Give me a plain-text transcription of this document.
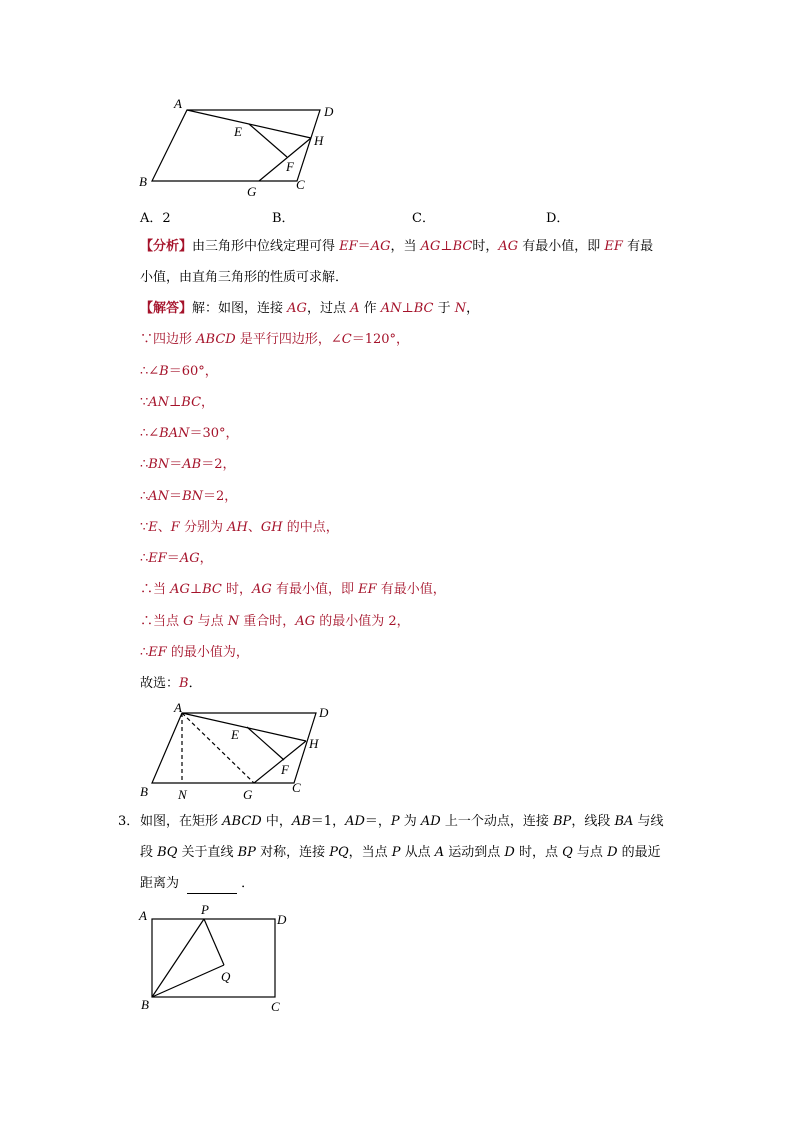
A
D
E
H
F
B
G	C
A．2	B．	C．	D．
【分析】由三角形中位线定理可得 EF＝AG，当 AG⊥BC时，AG 有最小值，即 EF 有最
小值，由直角三角形的性质可求解．
【解答】解：如图，连接 AG，过点 A 作 AN⊥BC 于 N，
∵四边形 ABCD 是平行四边形，∠C＝120°，
∴∠B＝60°，
∵AN⊥BC，
∴∠BAN＝30°，
∴BN＝AB＝2，
∴AN＝BN＝2，
∵E、F 分别为 AH、GH 的中点，
∴EF＝AG，
∴当 AG⊥BC 时，AG 有最小值，即 EF 有最小值，
∴当点 G 与点 N 重合时，AG 的最小值为 2，
∴EF 的最小值为，
故选：B．
A	D
E
H
F
B N	G	C
3． 如图，在矩形 ABCD 中，AB＝1，AD＝，P 为 AD 上一个动点，连接 BP，线段 BA 与线
段 BQ 关于直线 BP 对称，连接 PQ，当点 P 从点 A 运动到点 D 时，点 Q 与点 D 的最近
距离为	．
A	P
D
Q
B	C
